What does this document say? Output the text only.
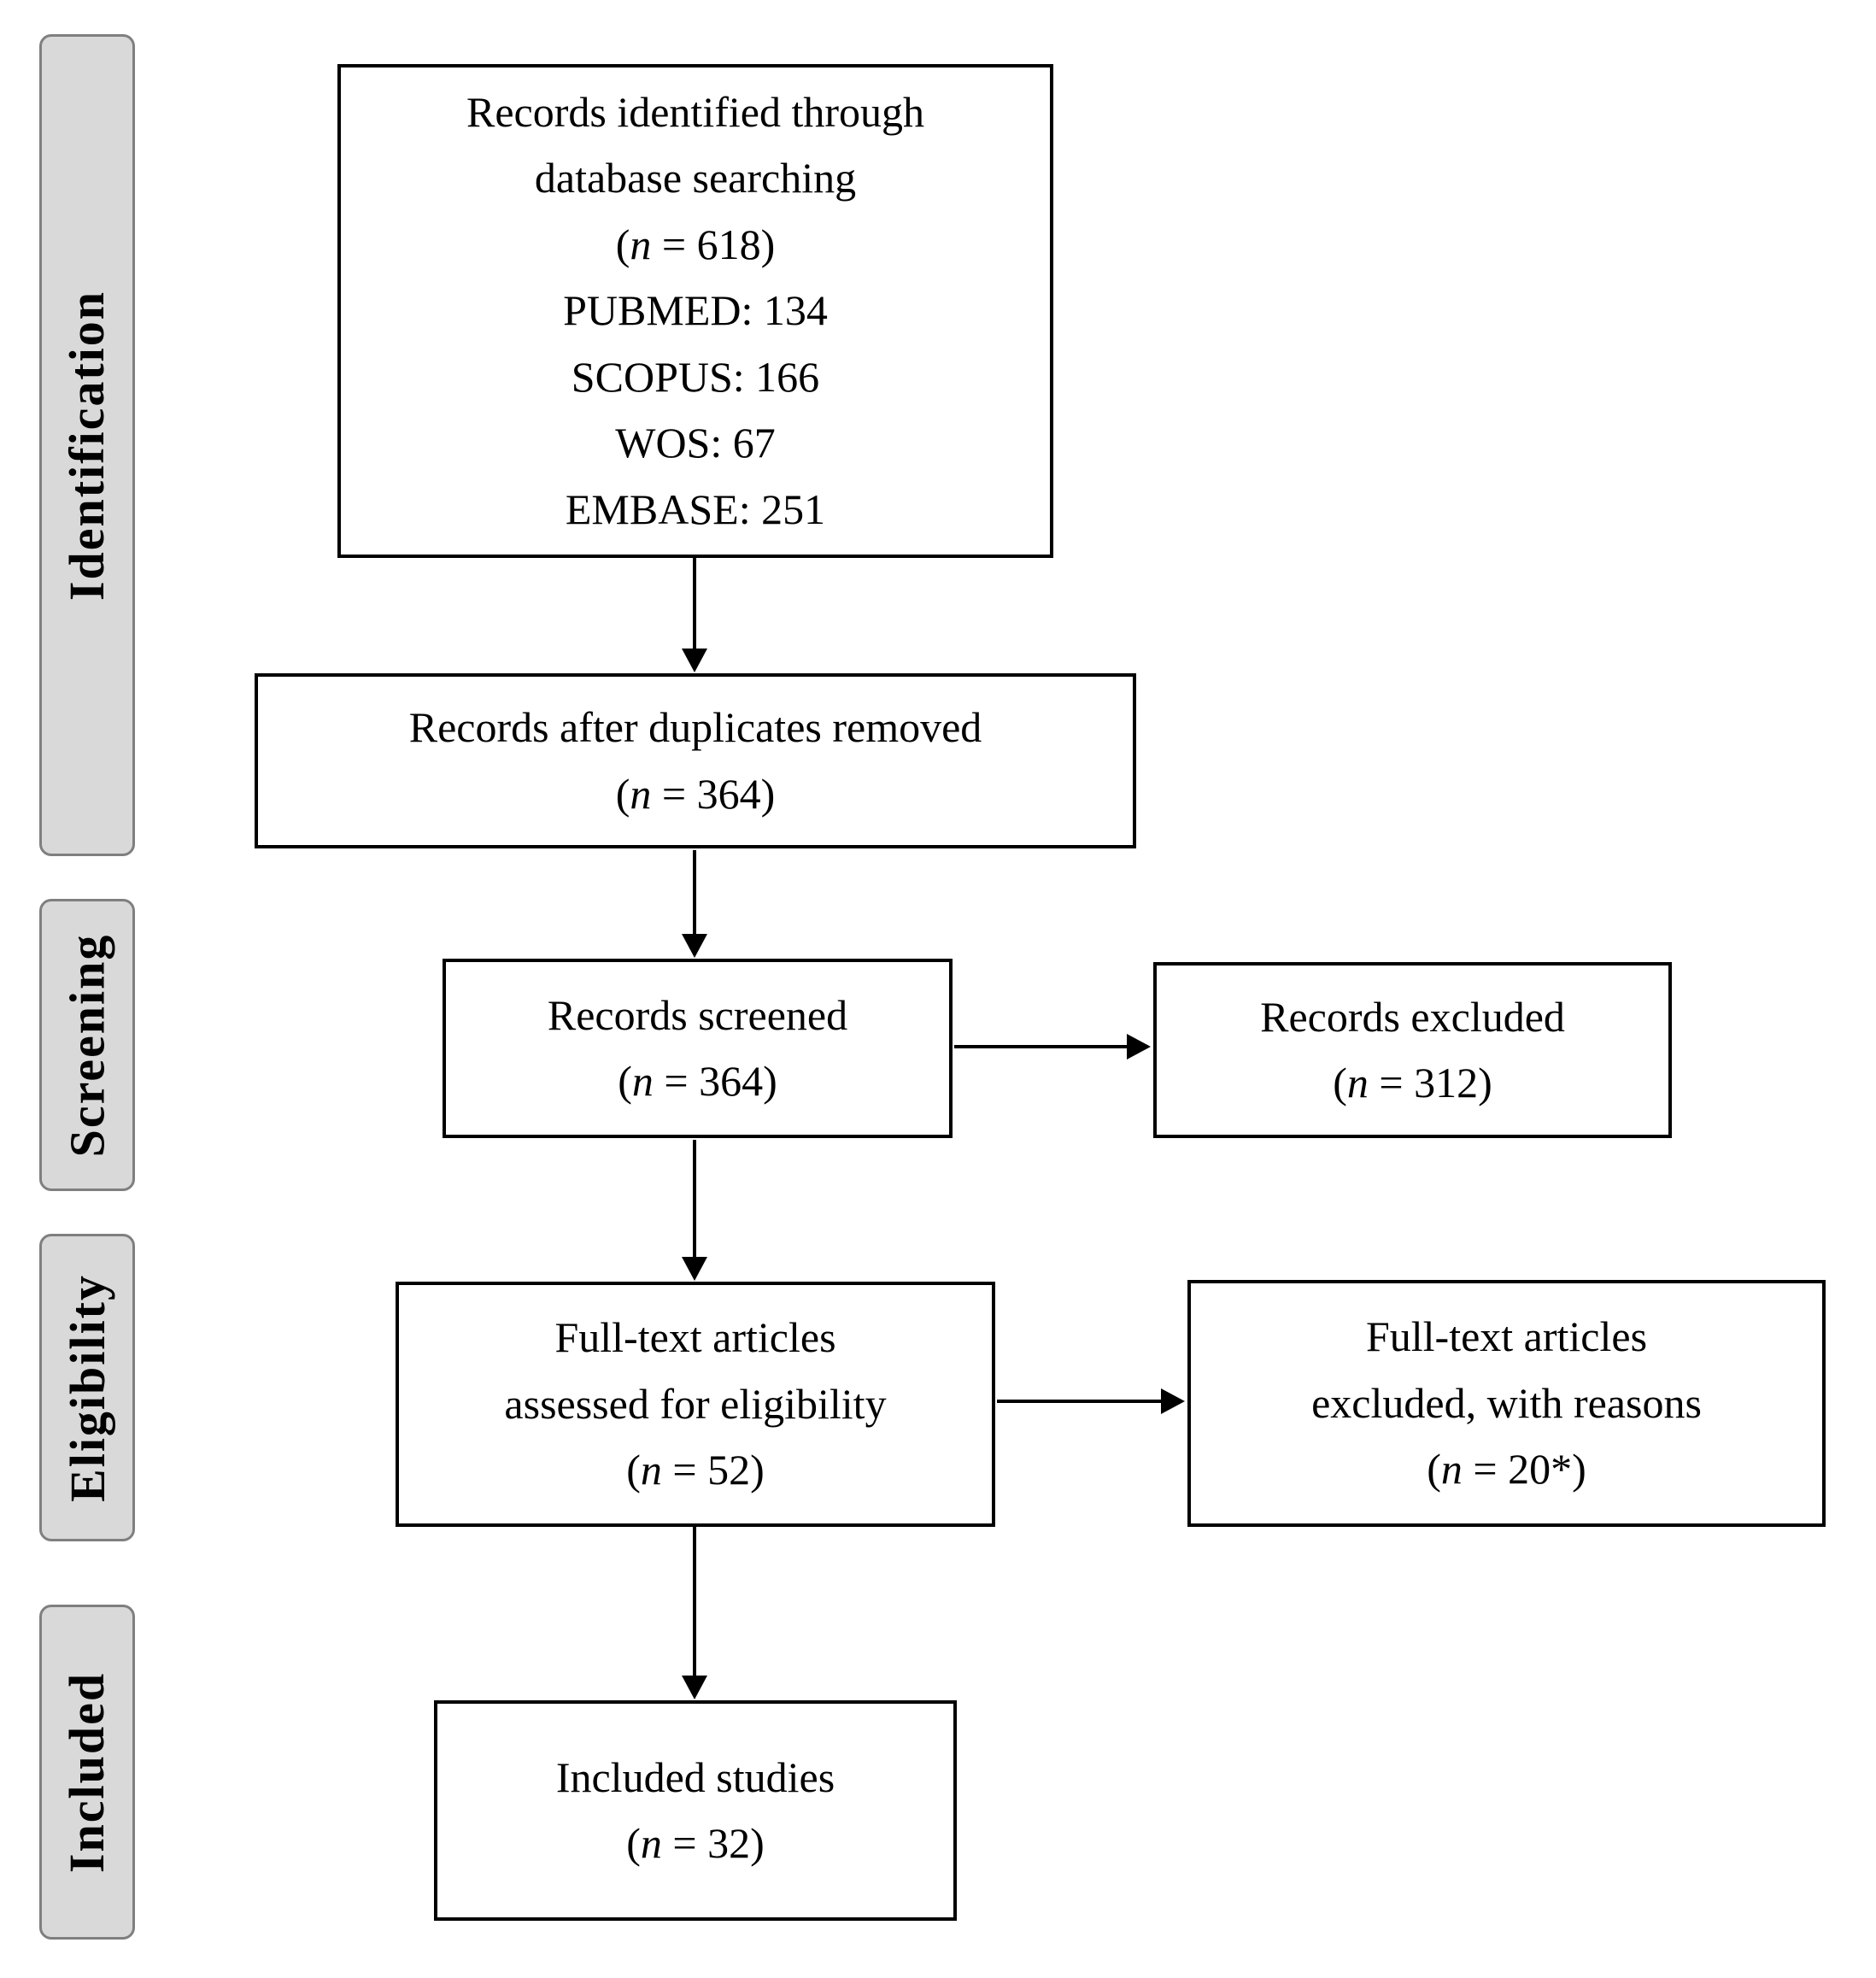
Identification
Screening
Eligibility
Included
Records identified through
database searching
(n = 618)
PUBMED: 134
SCOPUS: 166
WOS: 67
EMBASE: 251
Records after duplicates removed
(n = 364)
Records screened
(n = 364)
Records excluded
(n = 312)
Full-text articles
assessed for eligibility
(n = 52)
Full-text articles
excluded, with reasons
(n = 20*)
Included studies
(n = 32)
